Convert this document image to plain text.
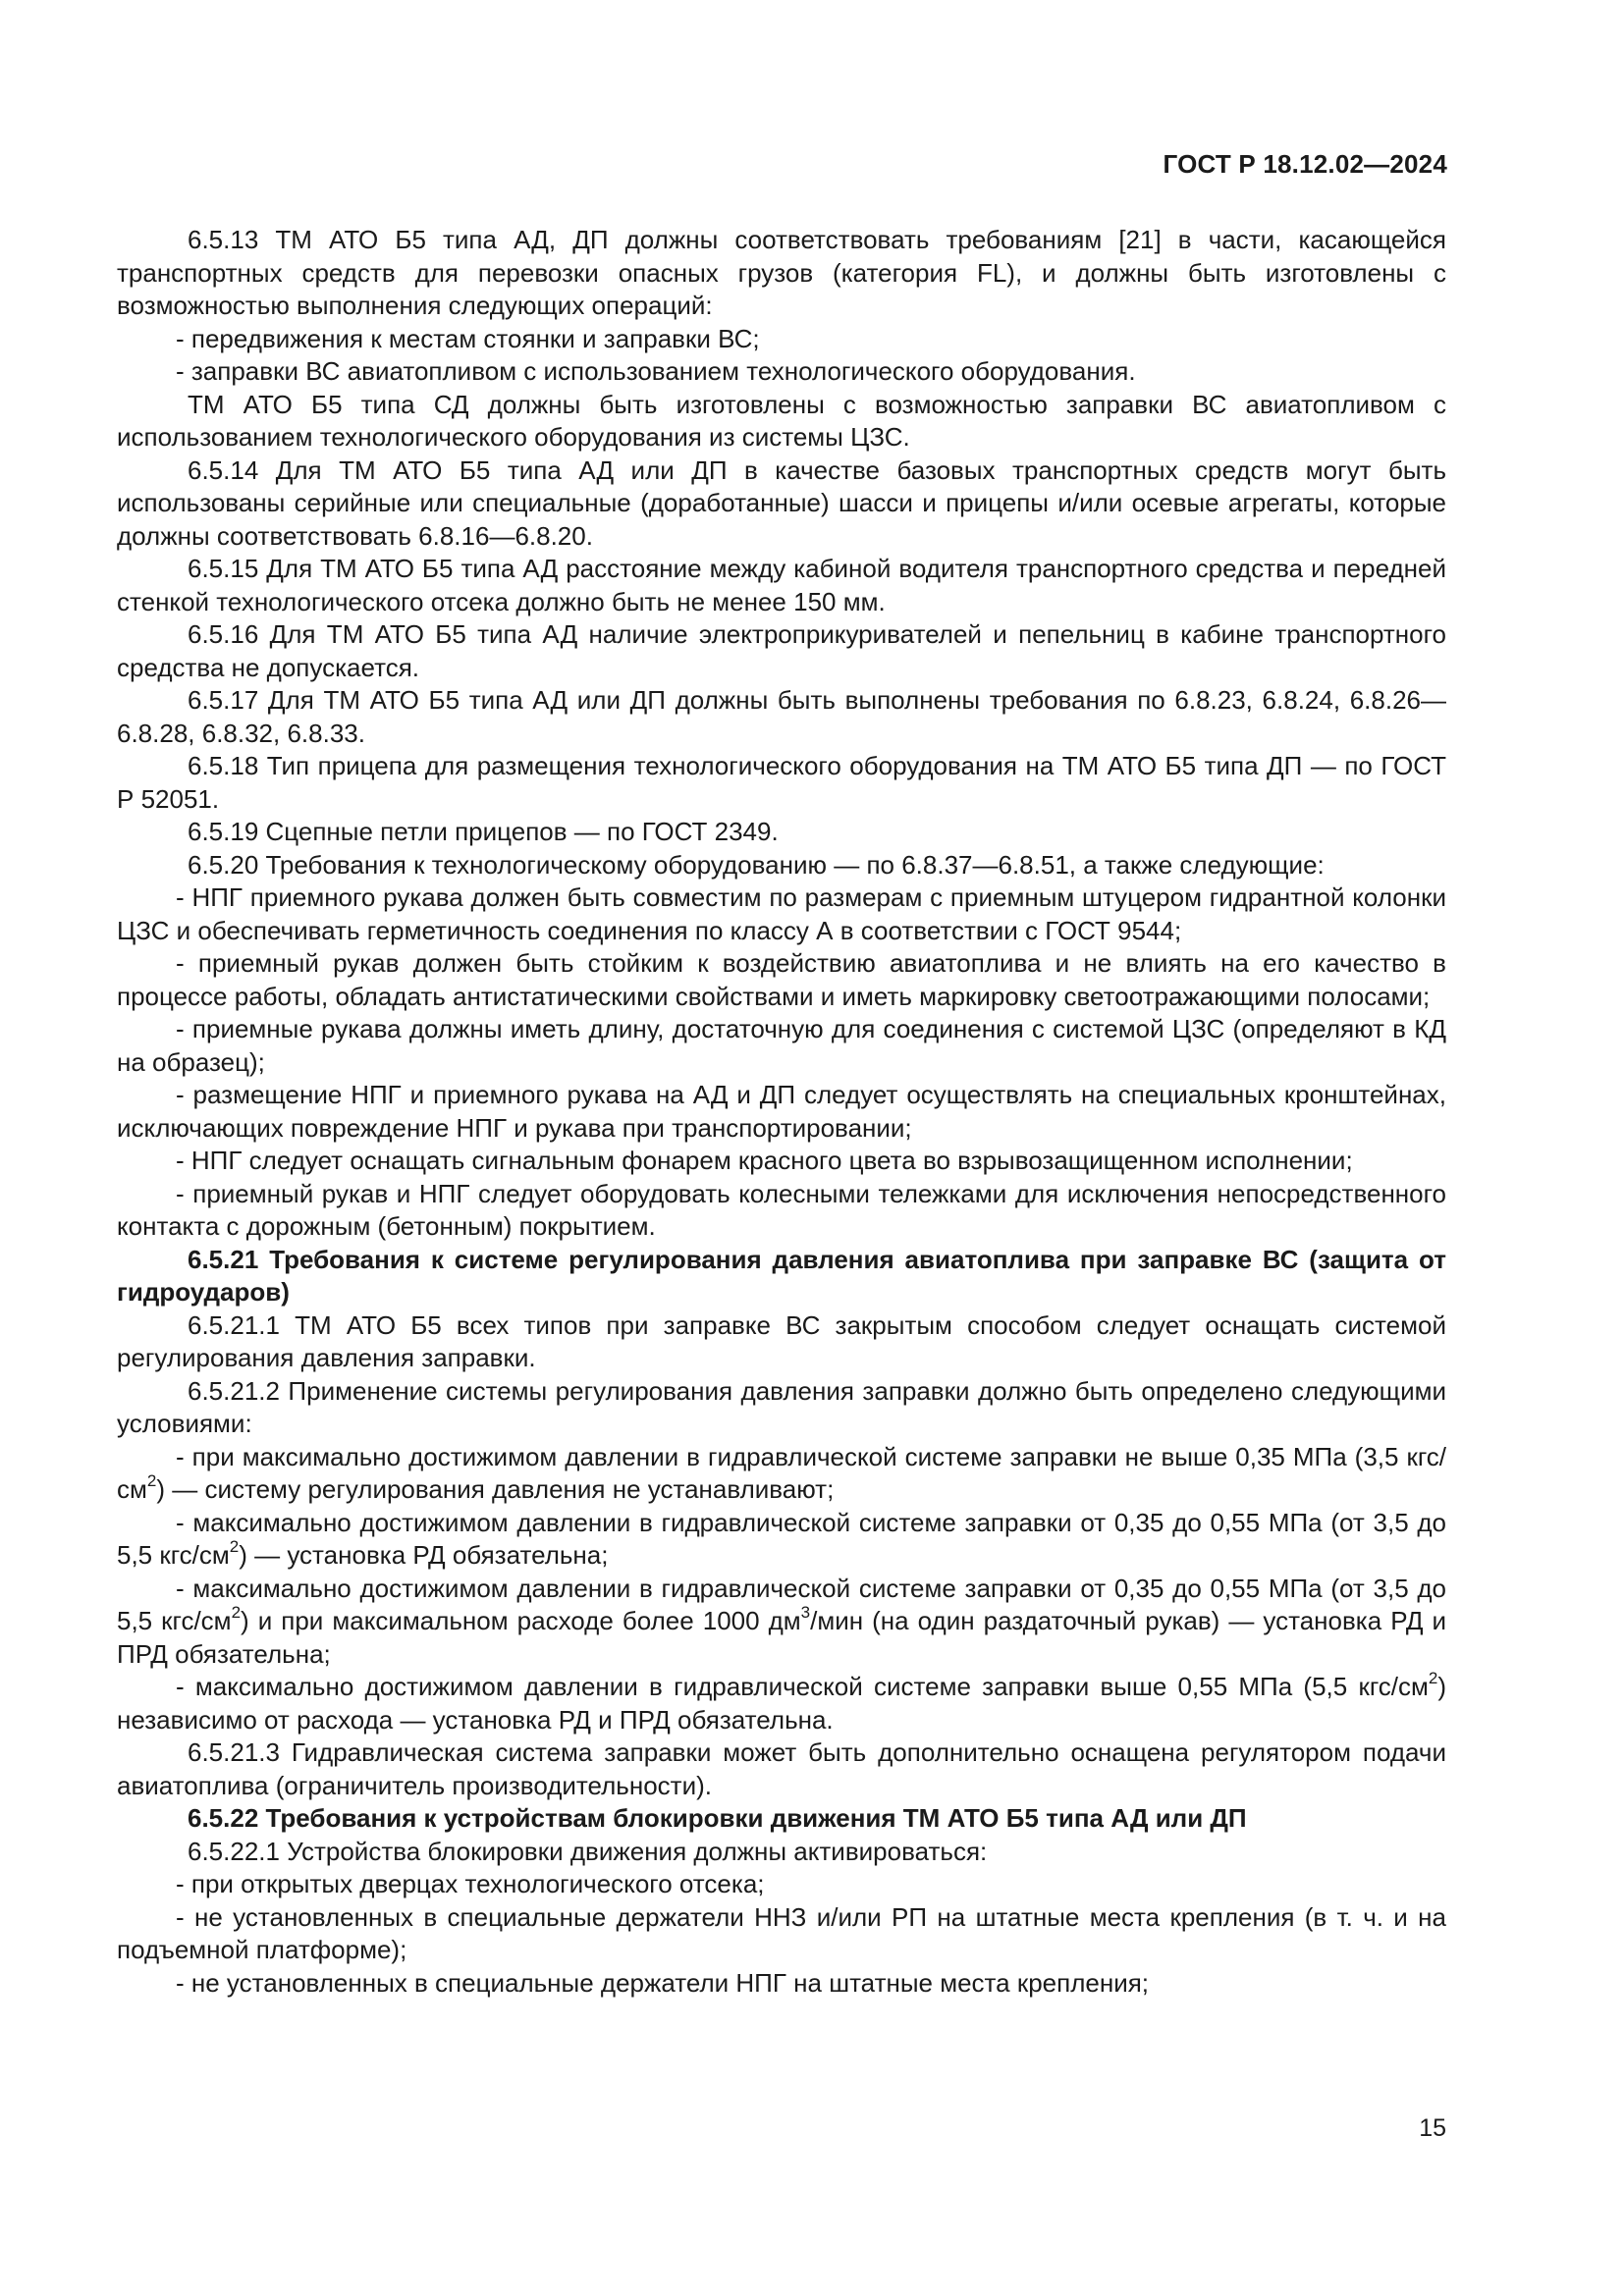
ГОСТ Р 18.12.02—2024

6.5.13 ТМ АТО Б5 типа АД, ДП должны соответствовать требованиям [21] в части, касающейся транспортных средств для перевозки опасных грузов (категория FL), и должны быть изготовлены с возможностью выполнения следующих операций:

- передвижения к местам стоянки и заправки ВС;

- заправки ВС авиатопливом с использованием технологического оборудования.

ТМ АТО Б5 типа СД должны быть изготовлены с возможностью заправки ВС авиатопливом с использованием технологического оборудования из системы ЦЗС.

6.5.14 Для ТМ АТО Б5 типа АД или ДП в качестве базовых транспортных средств могут быть использованы серийные или специальные (доработанные) шасси и прицепы и/или осевые агрегаты, которые должны соответствовать 6.8.16—6.8.20.

6.5.15 Для ТМ АТО Б5 типа АД расстояние между кабиной водителя транспортного средства и передней стенкой технологического отсека должно быть не менее 150 мм.

6.5.16 Для ТМ АТО Б5 типа АД наличие электроприкуривателей и пепельниц в кабине транспортного средства не допускается.

6.5.17 Для ТМ АТО Б5 типа АД или ДП должны быть выполнены требования по 6.8.23, 6.8.24, 6.8.26—6.8.28, 6.8.32, 6.8.33.

6.5.18 Тип прицепа для размещения технологического оборудования на ТМ АТО Б5 типа ДП — по ГОСТ Р 52051.

6.5.19 Сцепные петли прицепов — по ГОСТ 2349.

6.5.20 Требования к технологическому оборудованию — по 6.8.37—6.8.51, а также следующие:

- НПГ приемного рукава должен быть совместим по размерам с приемным штуцером гидрантной колонки ЦЗС и обеспечивать герметичность соединения по классу А в соответствии с ГОСТ 9544;

- приемный рукав должен быть стойким к воздействию авиатоплива и не влиять на его качество в процессе работы, обладать антистатическими свойствами и иметь маркировку светоотражающими полосами;

- приемные рукава должны иметь длину, достаточную для соединения с системой ЦЗС (определяют в КД на образец);

- размещение НПГ и приемного рукава на АД и ДП следует осуществлять на специальных кронштейнах, исключающих повреждение НПГ и рукава при транспортировании;

- НПГ следует оснащать сигнальным фонарем красного цвета во взрывозащищенном исполнении;

- приемный рукав и НПГ следует оборудовать колесными тележками для исключения непосредственного контакта с дорожным (бетонным) покрытием.

6.5.21 Требования к системе регулирования давления авиатоплива при заправке ВС (защита от гидроударов)

6.5.21.1 ТМ АТО Б5 всех типов при заправке ВС закрытым способом следует оснащать системой регулирования давления заправки.

6.5.21.2 Применение системы регулирования давления заправки должно быть определено следующими условиями:

- при максимально достижимом давлении в гидравлической системе заправки не выше 0,35 МПа (3,5 кгс/$см^2$) — систему регулирования давления не устанавливают;

- максимально достижимом давлении в гидравлической системе заправки от 0,35 до 0,55 МПа (от 3,5 до 5,5 кгс/$см^2$) — установка РД обязательна;

- максимально достижимом давлении в гидравлической системе заправки от 0,35 до 0,55 МПа (от 3,5 до 5,5 кгс/$см^2$) и при максимальном расходе более 1000 $дм^3$/мин (на один раздаточный рукав) — установка РД и ПРД обязательна;

- максимально достижимом давлении в гидравлической системе заправки выше 0,55 МПа (5,5 кгс/$см^2$) независимо от расхода — установка РД и ПРД обязательна.

6.5.21.3 Гидравлическая система заправки может быть дополнительно оснащена регулятором подачи авиатоплива (ограничитель производительности).

6.5.22 Требования к устройствам блокировки движения ТМ АТО Б5 типа АД или ДП

6.5.22.1 Устройства блокировки движения должны активироваться:

- при открытых дверцах технологического отсека;

- не установленных в специальные держатели ННЗ и/или РП на штатные места крепления (в т. ч. и на подъемной платформе);

- не установленных в специальные держатели НПГ на штатные места крепления;

15
